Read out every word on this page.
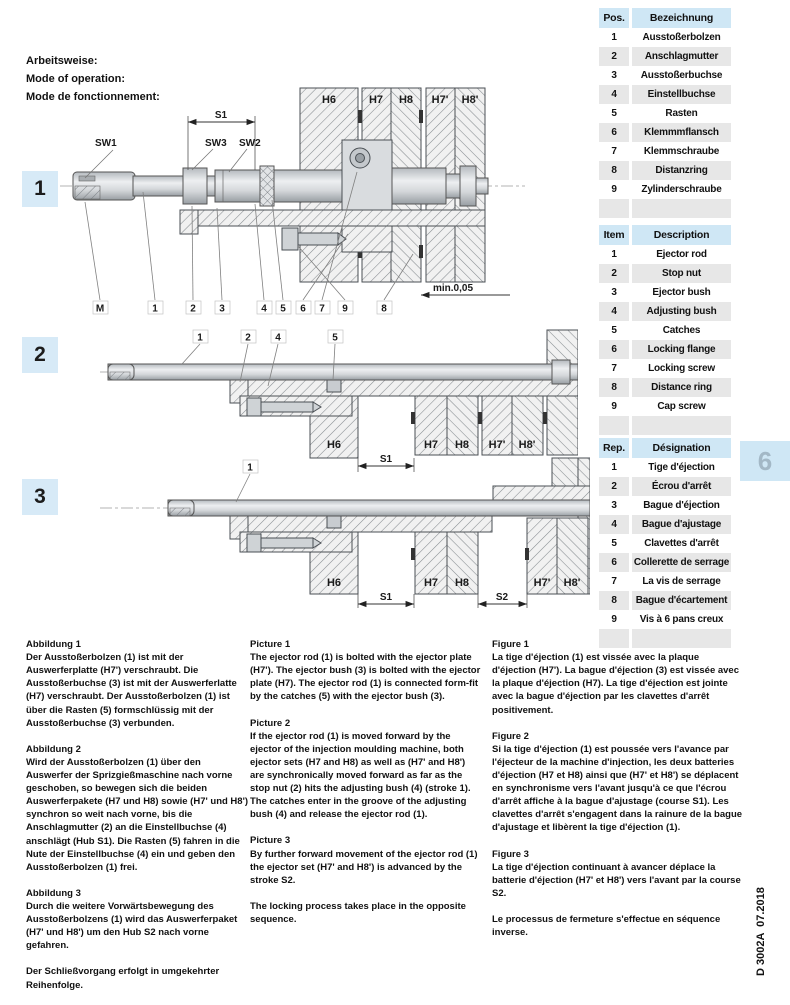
Arbeitsweise:
Mode of operation:
Mode de fonctionnement:
1
2
3
S1
SW1	SW3 SW2
H6	H7 H8 H7' H8'
min.0,05
M	1	2 3	4 5 6 7 9	8
H6	H7 H8 H7' H8'
1	2 4	5
S1
H6	H7 H8	H7' H8'
1
S1	S2
Pos.	Bezeichnung
1	Ausstoßerbolzen
2	Anschlagmutter
3	Ausstoßerbuchse
4	Einstellbuchse
5	Rasten
6	Klemmmflansch
7	Klemmschraube
8	Distanzring
9	Zylinderschraube

Item	Description
1	Ejector rod
2	Stop nut
3	Ejector bush
4	Adjusting bush
5	Catches
6	Locking flange
7	Locking screw
8	Distance ring
9	Cap screw

Rep.	Désignation
1	Tige d'éjection
2	Écrou d'arrêt
3	Bague d'éjection
4	Bague d'ajustage
5	Clavettes d'arrêt
6	Collerette de serrage
7	La vis de serrage
8	Bague d'écartement
9	Vis à 6 pans creux

6
D 3002A  07.2018
Abbildung 1
Der Ausstoßerbolzen (1) ist mit der Auswerferplatte (H7') verschraubt. Die Ausstoßerbuchse (3) ist mit der Auswerferlatte (H7) verschraubt. Der Ausstoßerbolzen (1) ist über die Rasten (5) formschlüssig mit der Ausstoßerbuchse (3) verbunden.
Abbildung 2
Wird der Ausstoßerbolzen (1) über den Auswerfer der Sprizgießmaschine nach vorne geschoben, so bewegen sich die beiden Auswerferpakete (H7 und H8) sowie (H7' und H8') synchron so weit nach vorne, bis die Anschlagmutter (2) an die Einstellbuchse (4) anschlägt (Hub S1). Die Rasten (5) fahren in die Nute der Einstellbuchse (4) ein und geben den Ausstoßerbolzen (1) frei.
Abbildung 3
Durch die weitere Vorwärtsbewegung des Ausstoßerbolzens (1) wird das Auswerferpaket (H7' und H8') um den Hub S2 nach vorne gefahren.
Der Schließvorgang erfolgt in umgekehrter Reihenfolge.
Picture 1
The ejector rod (1) is bolted with the ejector plate (H7'). The ejector bush (3) is bolted with the ejector plate (H7). The ejector rod (1) is connected form-fit by the catches (5) with the ejector bush (3).
Picture 2
If the ejector rod (1) is moved forward by the ejector of the injection moulding machine, both ejector sets (H7 and H8) as well as (H7' and H8') are synchronically moved forward as far as the stop nut (2) hits the adjusting bush (4) (stroke 1). The catches enter in the groove of the adjusting bush (4) and release the ejector rod (1).
Picture 3
By further forward movement of the ejector rod (1) the ejector set (H7' and H8') is advanced by the stroke S2.
The locking process takes place in the opposite sequence.
Figure 1
La tige d'éjection (1) est vissée avec la plaque d'éjection (H7'). La bague d'éjection (3) est vissée avec la plaque d'éjection (H7). La tige d'éjection est jointe avec la bague d'éjection par les clavettes d'arrêt positivement.
Figure 2
Si la tige d'éjection (1) est poussée vers l'avance par l'éjecteur de la machine d'injection, les deux batteries d'éjection (H7 et H8) ainsi que (H7' et H8') se déplacent en synchronisme vers l'avant jusqu'à ce que l'écrou d'arrêt affiche à la bague d'ajustage (course S1). Les clavettes d'arrêt s'engagent dans la rainure de la bague d'ajustage et libèrent la tige d'éjection (1).
Figure 3
La tige d'éjection continuant à avancer déplace la batterie d'éjection (H7' et H8') vers l'avant par la course S2.
Le processus de fermeture s'effectue en séquence inverse.
